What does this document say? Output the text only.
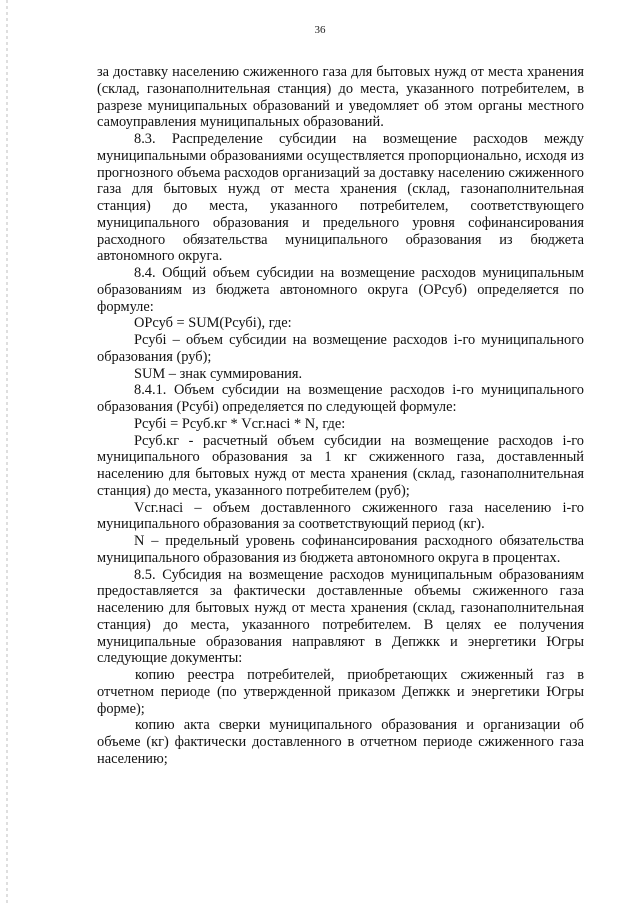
36

за доставку населению сжиженного газа для бытовых нужд от места хранения (склад, газонаполнительная станция) до места, указанного потребителем, в разрезе муниципальных образований и уведомляет об этом органы местного самоуправления муниципальных образований.

8.3. Распределение субсидии на возмещение расходов между муниципальными образованиями осуществляется пропорционально, исходя из прогнозного объема расходов организаций за доставку населению сжиженного газа для бытовых нужд от места хранения (склад, газонаполнительная станция) до места, указанного потребителем, соответствующего муниципального образования и предельного уровня софинансирования расходного обязательства муниципального образования из бюджета автономного округа.

8.4. Общий объем субсидии на возмещение расходов муниципальным образованиям из бюджета автономного округа (ОРсуб) определяется по формуле:

ОРсуб = SUM(Рсубi), где:

Рсубi – объем субсидии на возмещение расходов i-го муниципального образования (руб);

SUM – знак суммирования.

8.4.1. Объем субсидии на возмещение расходов i-го муниципального образования (Рсубi) определяется по следующей формуле:

Рсубi = Рсуб.кг * Vсг.насi * N, где:

Рсуб.кг - расчетный объем субсидии на возмещение расходов i-го муниципального образования за 1 кг сжиженного газа, доставленный населению для бытовых нужд от места хранения (склад, газонаполнительная станция) до места, указанного потребителем (руб);

Vсг.насi – объем доставленного сжиженного газа населению i-го муниципального образования за соответствующий период (кг).

N – предельный уровень софинансирования расходного обязательства муниципального образования из бюджета автономного округа в процентах.

8.5. Субсидия на возмещение расходов муниципальным образованиям предоставляется за фактически доставленные объемы сжиженного газа населению для бытовых нужд от места хранения (склад, газонаполнительная станция) до места, указанного потребителем. В целях ее получения муниципальные образования направляют в Депжкк и энергетики Югры следующие документы:

копию реестра потребителей, приобретающих сжиженный газ в отчетном периоде (по утвержденной приказом Депжкк и энергетики Югры форме);

копию акта сверки муниципального образования и организации об объеме (кг) фактически доставленного в отчетном периоде сжиженного газа населению;
